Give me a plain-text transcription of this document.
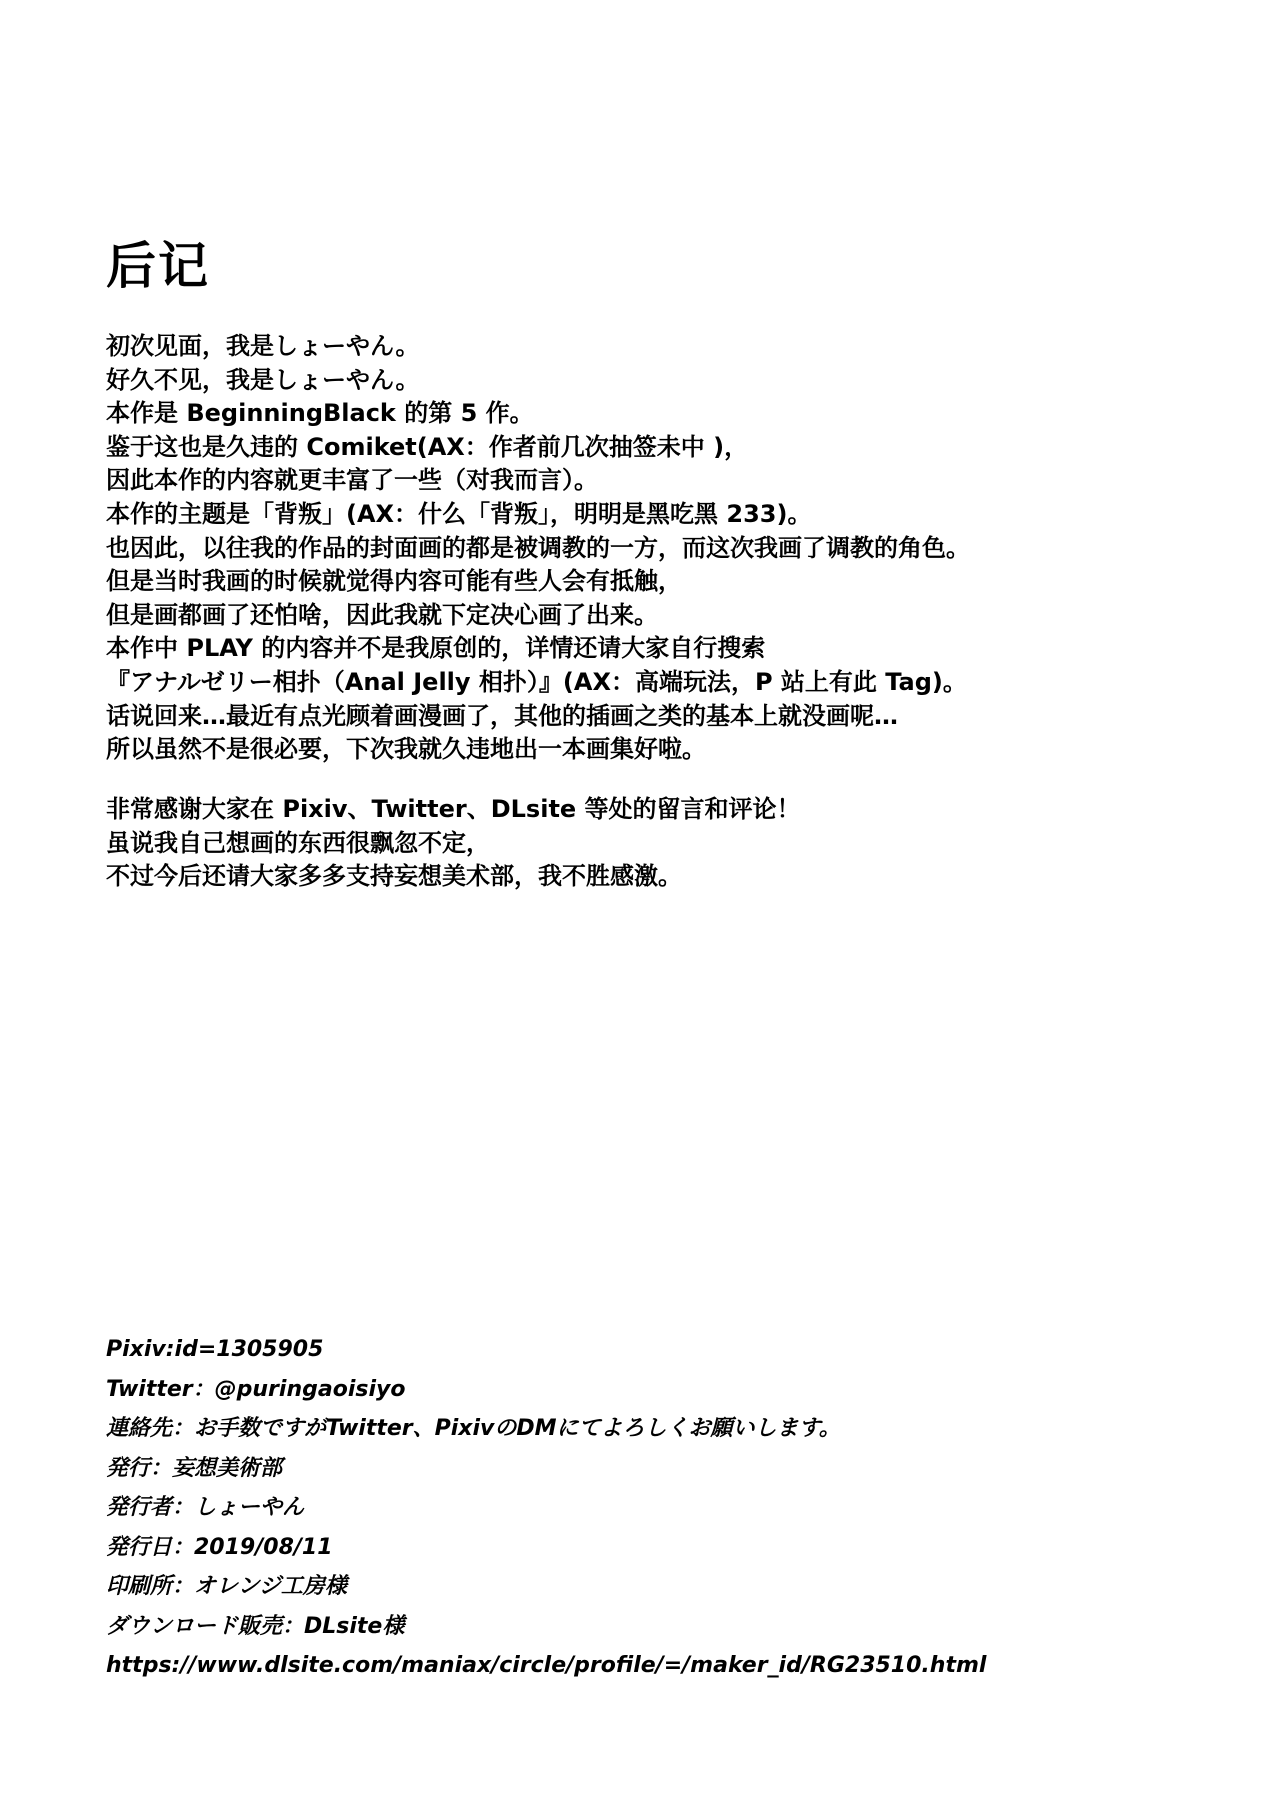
后记
初次见面，我是しょーやん。
好久不见，我是しょーやん。
本作是 BeginningBlack 的第 5 作。
鉴于这也是久违的 Comiket(AX：作者前几次抽签未中 )，
因此本作的内容就更丰富了一些（对我而言）。
本作的主题是「背叛」(AX：什么「背叛」，明明是黑吃黑 233)。
也因此，以往我的作品的封面画的都是被调教的一方，而这次我画了调教的角色。
但是当时我画的时候就觉得内容可能有些人会有抵触，
但是画都画了还怕啥，因此我就下定决心画了出来。
本作中 PLAY 的内容并不是我原创的，详情还请大家自行搜索
『アナルゼリー相扑（Anal Jelly 相扑）』(AX：高端玩法，P 站上有此 Tag)。
话说回来…最近有点光顾着画漫画了，其他的插画之类的基本上就没画呢…
所以虽然不是很必要，下次我就久违地出一本画集好啦。
非常感谢大家在 Pixiv、Twitter、DLsite 等处的留言和评论！
虽说我自己想画的东西很飘忽不定，
不过今后还请大家多多支持妄想美术部，我不胜感激。
Pixiv:id=1305905
Twitter：@puringaoisiyo
連絡先：お手数ですがTwitter、PixivのDMにてよろしくお願いします。
発行：妄想美術部
発行者：しょーやん
発行日：2019/08/11
印刷所：オレンジ工房様
ダウンロード販売：DLsite様
https://www.dlsite.com/maniax/circle/profile/=/maker_id/RG23510.html
